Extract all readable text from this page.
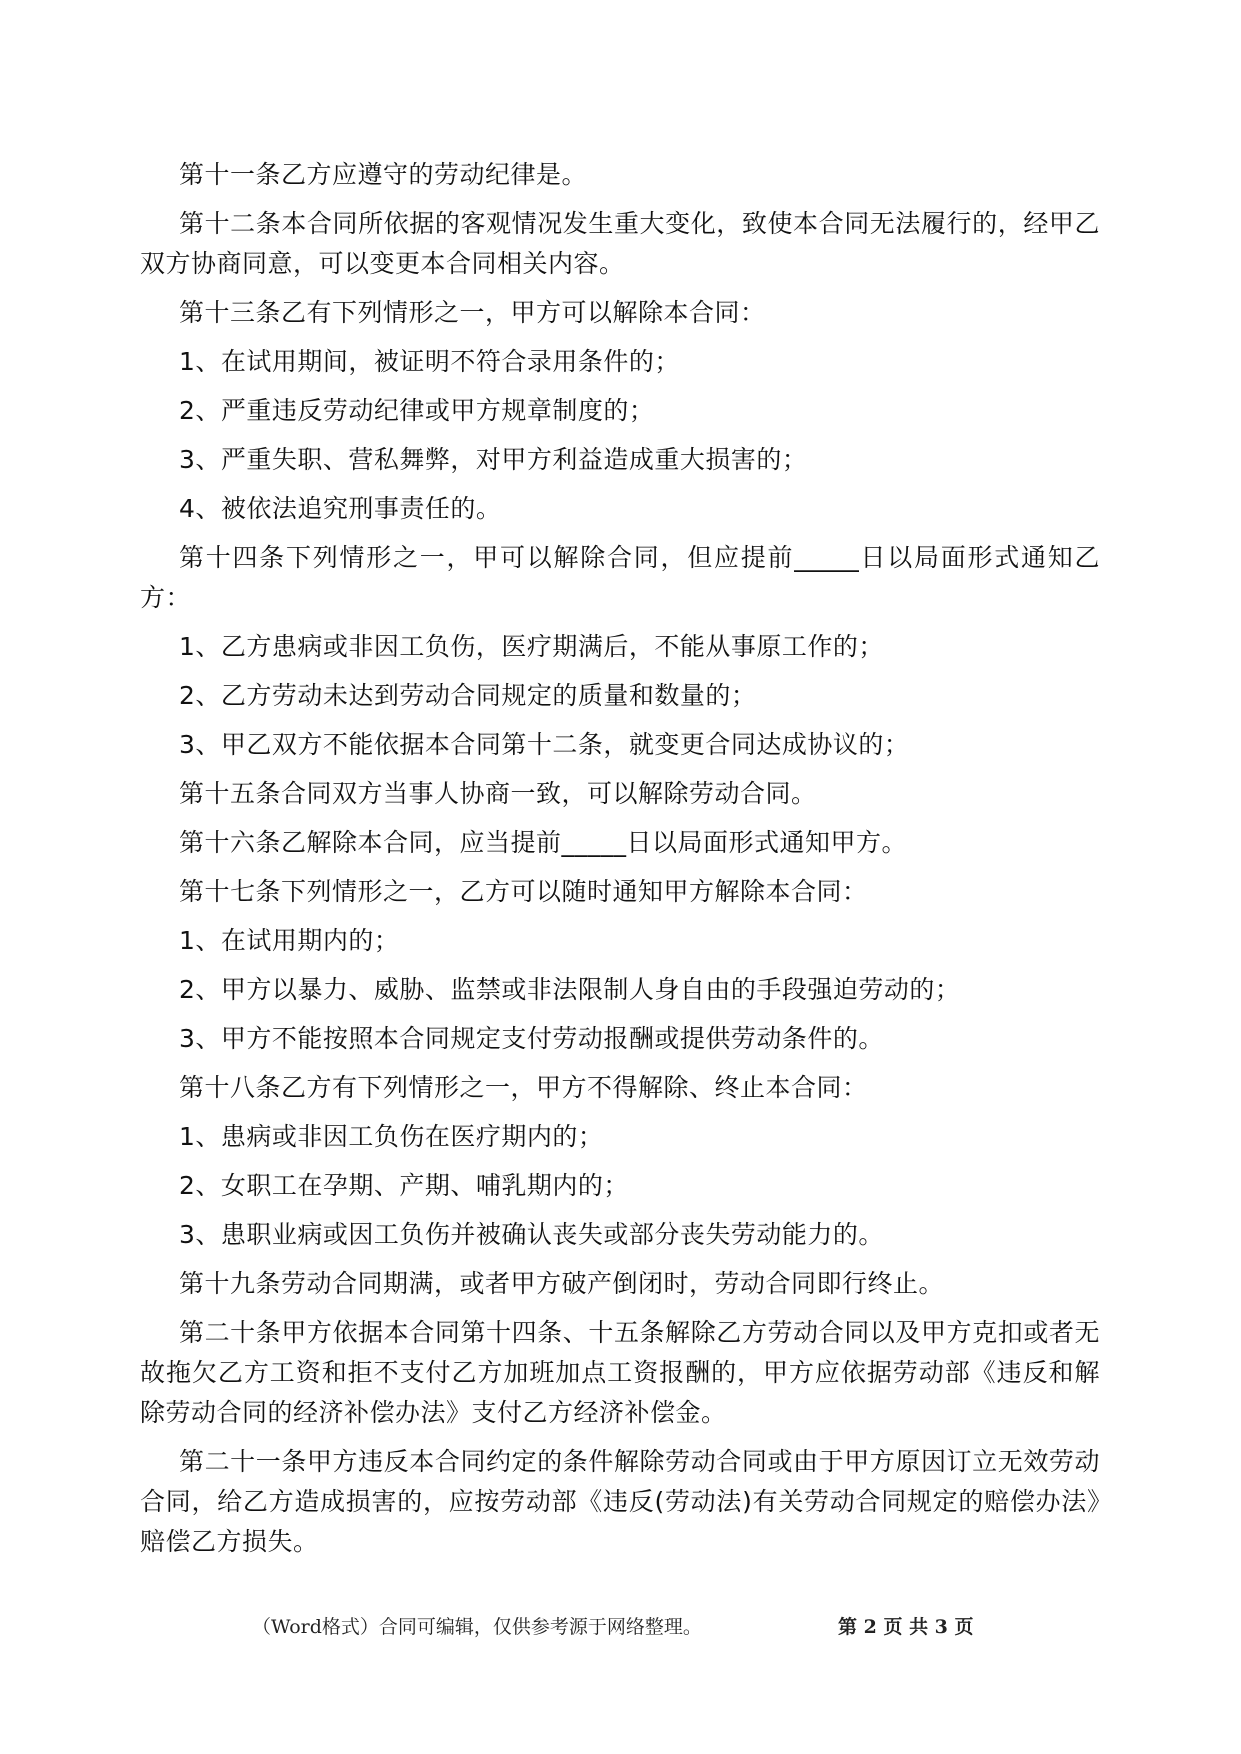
第十一条乙方应遵守的劳动纪律是。

第十二条本合同所依据的客观情况发生重大变化，致使本合同无法履行的，经甲乙双方协商同意，可以变更本合同相关内容。

第十三条乙有下列情形之一，甲方可以解除本合同：

1、在试用期间，被证明不符合录用条件的；

2、严重违反劳动纪律或甲方规章制度的；

3、严重失职、营私舞弊，对甲方利益造成重大损害的；

4、被依法追究刑事责任的。

第十四条下列情形之一，甲可以解除合同，但应提前_____日以局面形式通知乙方：

1、乙方患病或非因工负伤，医疗期满后，不能从事原工作的；

2、乙方劳动未达到劳动合同规定的质量和数量的；

3、甲乙双方不能依据本合同第十二条，就变更合同达成协议的；

第十五条合同双方当事人协商一致，可以解除劳动合同。

第十六条乙解除本合同，应当提前_____日以局面形式通知甲方。

第十七条下列情形之一，乙方可以随时通知甲方解除本合同：

1、在试用期内的；

2、甲方以暴力、威胁、监禁或非法限制人身自由的手段强迫劳动的；

3、甲方不能按照本合同规定支付劳动报酬或提供劳动条件的。

第十八条乙方有下列情形之一，甲方不得解除、终止本合同：

1、患病或非因工负伤在医疗期内的；

2、女职工在孕期、产期、哺乳期内的；

3、患职业病或因工负伤并被确认丧失或部分丧失劳动能力的。

第十九条劳动合同期满，或者甲方破产倒闭时，劳动合同即行终止。

第二十条甲方依据本合同第十四条、十五条解除乙方劳动合同以及甲方克扣或者无故拖欠乙方工资和拒不支付乙方加班加点工资报酬的，甲方应依据劳动部《违反和解除劳动合同的经济补偿办法》支付乙方经济补偿金。

第二十一条甲方违反本合同约定的条件解除劳动合同或由于甲方原因订立无效劳动合同，给乙方造成损害的，应按劳动部《违反(劳动法)有关劳动合同规定的赔偿办法》赔偿乙方损失。

（Word格式）合同可编辑，仅供参考源于网络整理。	第 2 页 共 3 页
